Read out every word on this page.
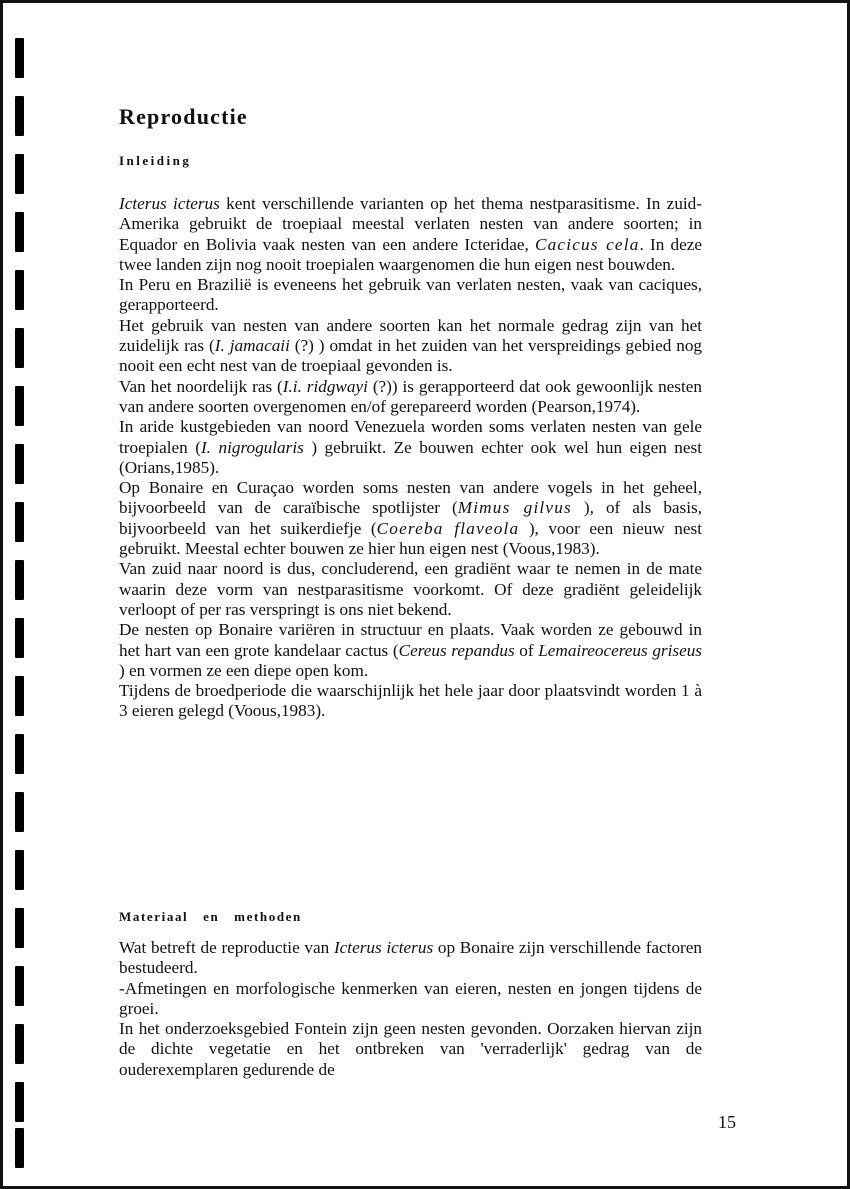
Reproductie
Inleiding

Icterus icterus kent verschillende varianten op het thema nestparasitisme. In zuid-Amerika gebruikt de troepiaal meestal verlaten nesten van andere soorten; in Equador en Bolivia vaak nesten van een andere Icteridae, Cacicus cela. In deze twee landen zijn nog nooit troepialen waargenomen die hun eigen nest bouwden.

In Peru en Brazilië is eveneens het gebruik van verlaten nesten, vaak van caciques, gerapporteerd.

Het gebruik van nesten van andere soorten kan het normale gedrag zijn van het zuidelijk ras (I. jamacaii (?) ) omdat in het zuiden van het verspreidings gebied nog nooit een echt nest van de troepiaal gevonden is.

Van het noordelijk ras (I.i. ridgwayi (?)) is gerapporteerd dat ook gewoonlijk nesten van andere soorten overgenomen en/of gerepareerd worden (Pearson,1974).

In aride kustgebieden van noord Venezuela worden soms verlaten nesten van gele troepialen (I. nigrogularis ) gebruikt. Ze bouwen echter ook wel hun eigen nest (Orians,1985).

Op Bonaire en Curaçao worden soms nesten van andere vogels in het geheel, bijvoorbeeld van de caraïbische spotlijster (Mimus gilvus ), of als basis, bijvoorbeeld van het suikerdiefje (Coereba flaveola ), voor een nieuw nest gebruikt. Meestal echter bouwen ze hier hun eigen nest (Voous,1983).

Van zuid naar noord is dus, concluderend, een gradiënt waar te nemen in de mate waarin deze vorm van nestparasitisme voorkomt. Of deze gradiënt geleidelijk verloopt of per ras verspringt is ons niet bekend.

De nesten op Bonaire variëren in structuur en plaats. Vaak worden ze gebouwd in het hart van een grote kandelaar cactus (Cereus repandus of Lemaireocereus griseus ) en vormen ze een diepe open kom.

Tijdens de broedperiode die waarschijnlijk het hele jaar door plaatsvindt worden 1 à 3 eieren gelegd (Voous,1983).

Materiaal en methoden

Wat betreft de reproductie van Icterus icterus op Bonaire zijn verschillende factoren bestudeerd.

-Afmetingen en morfologische kenmerken van eieren, nesten en jongen tijdens de groei.

In het onderzoeksgebied Fontein zijn geen nesten gevonden. Oorzaken hiervan zijn de dichte vegetatie en het ontbreken van 'verraderlijk' gedrag van de ouderexemplaren gedurende de

15
